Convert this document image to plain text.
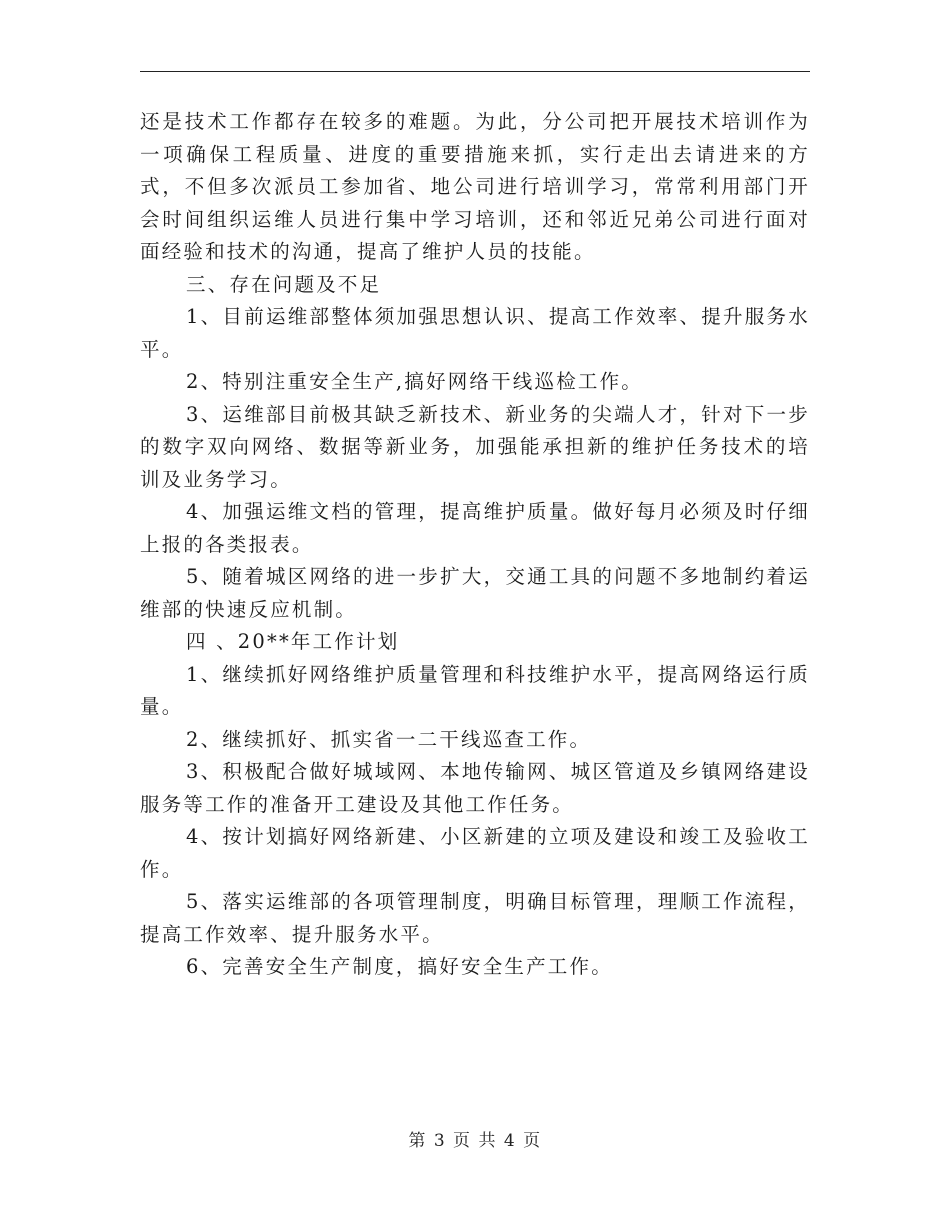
还是技术工作都存在较多的难题。为此，分公司把开展技术培训作为一项确保工程质量、进度的重要措施来抓，实行走出去请进来的方式，不但多次派员工参加省、地公司进行培训学习，常常利用部门开会时间组织运维人员进行集中学习培训，还和邻近兄弟公司进行面对面经验和技术的沟通，提高了维护人员的技能。

三、存在问题及不足

1、目前运维部整体须加强思想认识、提高工作效率、提升服务水平。

2、特别注重安全生产,搞好网络干线巡检工作。

3、运维部目前极其缺乏新技术、新业务的尖端人才，针对下一步的数字双向网络、数据等新业务，加强能承担新的维护任务技术的培训及业务学习。

4、加强运维文档的管理，提高维护质量。做好每月必须及时仔细上报的各类报表。

5、随着城区网络的进一步扩大，交通工具的问题不多地制约着运维部的快速反应机制。

四 、20**年工作计划

1、继续抓好网络维护质量管理和科技维护水平，提高网络运行质量。

2、继续抓好、抓实省一二干线巡查工作。

3、积极配合做好城域网、本地传输网、城区管道及乡镇网络建设服务等工作的准备开工建设及其他工作任务。

4、按计划搞好网络新建、小区新建的立项及建设和竣工及验收工作。

5、落实运维部的各项管理制度，明确目标管理，理顺工作流程，提高工作效率、提升服务水平。

6、完善安全生产制度，搞好安全生产工作。

第 3 页 共 4 页
